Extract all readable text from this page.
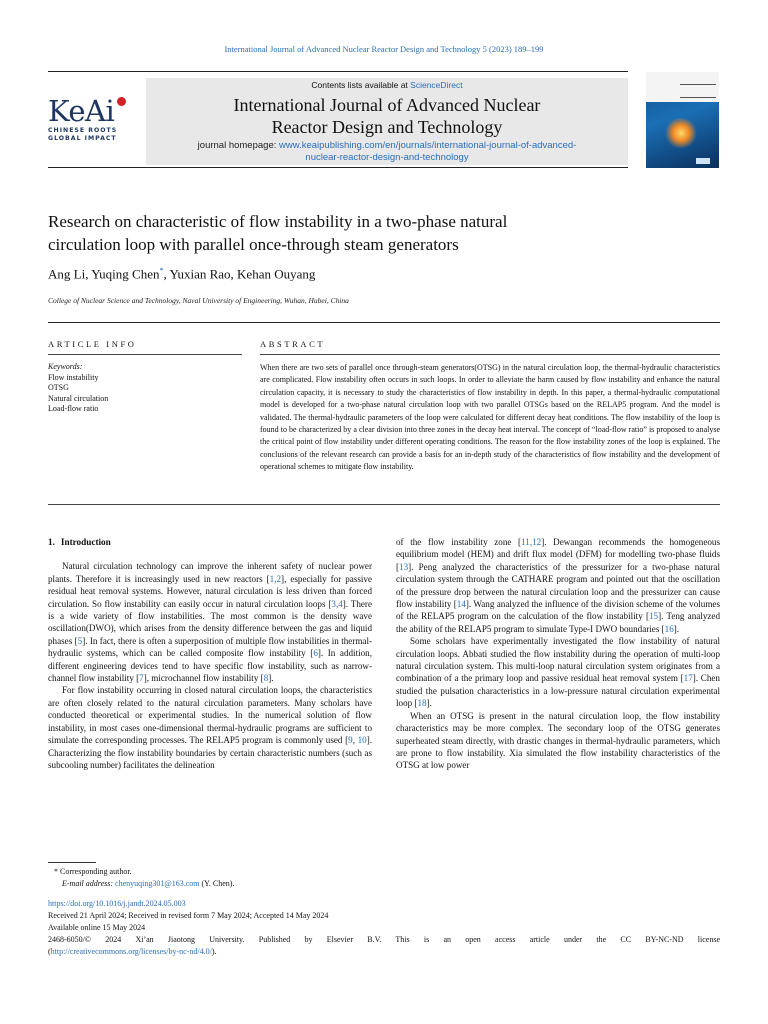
International Journal of Advanced Nuclear Reactor Design and Technology 5 (2023) 189–199
KeAi
CHINESE ROOTS
GLOBAL IMPACT
Contents lists available at ScienceDirect
International Journal of Advanced Nuclear
Reactor Design and Technology
journal homepage: www.keaipublishing.com/en/journals/international-journal-of-advanced-
nuclear-reactor-design-and-technology
Research on characteristic of flow instability in a two-phase natural
circulation loop with parallel once-through steam generators
Ang Li, Yuqing Chen*, Yuxian Rao, Kehan Ouyang
College of Nuclear Science and Technology, Naval University of Engineering, Wuhan, Hubei, China
ARTICLE INFO
Keywords:
Flow instability
OTSG
Natural circulation
Load-flow ratio
ABSTRACT
When there are two sets of parallel once through-steam generators(OTSG) in the natural circulation loop, the thermal-hydraulic characteristics are complicated. Flow instability often occurs in such loops. In order to alleviate the harm caused by flow instability and enhance the natural circulation capacity, it is necessary to study the characteristics of flow instability in depth. In this paper, a thermal-hydraulic computational model is developed for a two-phase natural circulation loop with two parallel OTSGs based on the RELAP5 program. And the model is validated. The thermal-hydraulic parameters of the loop were calculated for different decay heat conditions. The flow instability of the loop is found to be characterized by a clear division into three zones in the decay heat interval. The concept of “load-flow ratio” is proposed to analyse the critical point of flow instability under different operating conditions. The reason for the flow instability zones of the loop is explained. The conclusions of the relevant research can provide a basis for an in-depth study of the characteristics of flow instability and the development of operational schemes to mitigate flow instability.
1. Introduction

Natural circulation technology can improve the inherent safety of nuclear power plants. Therefore it is increasingly used in new reactors [1,2], especially for passive residual heat removal systems. However, natural circulation is less driven than forced circulation. So flow instability can easily occur in natural circulation loops [3,4]. There is a wide variety of flow instabilities. The most common is the density wave oscillation(DWO), which arises from the density difference between the gas and liquid phases [5]. In fact, there is often a superposition of multiple flow instabilities in thermal-hydraulic systems, which can be called composite flow instability [6]. In addition, different engineering devices tend to have specific flow instability, such as narrow-channel flow instability [7], microchannel flow instability [8].

For flow instability occurring in closed natural circulation loops, the characteristics are often closely related to the natural circulation parameters. Many scholars have conducted theoretical or experimental studies. In the numerical solution of flow instability, in most cases one-dimensional thermal-hydraulic programs are sufficient to simulate the corresponding processes. The RELAP5 program is commonly used [9, 10]. Characterizing the flow instability boundaries by certain characteristic numbers (such as subcooling number) facilitates the delineation

of the flow instability zone [11,12]. Dewangan recommends the homogeneous equilibrium model (HEM) and drift flux model (DFM) for modelling two-phase fluids [13]. Peng analyzed the characteristics of the pressurizer for a two-phase natural circulation system through the CATHARE program and pointed out that the oscillation of the pressure drop between the natural circulation loop and the pressurizer can cause flow instability [14]. Wang analyzed the influence of the division scheme of the volumes of the RELAP5 program on the calculation of the flow instability [15]. Teng analyzed the ability of the RELAP5 program to simulate Type-I DWO boundaries [16].

Some scholars have experimentally investigated the flow instability of natural circulation loops. Abbati studied the flow instability during the operation of multi-loop natural circulation system. This multi-loop natural circulation system originates from a combination of a the primary loop and passive residual heat removal system [17]. Chen studied the pulsation characteristics in a low-pressure natural circulation experimental loop [18].

When an OTSG is present in the natural circulation loop, the flow instability characteristics may be more complex. The secondary loop of the OTSG generates superheated steam directly, with drastic changes in thermal-hydraulic parameters, which are prone to flow instability. Xia simulated the flow instability characteristics of the OTSG at low power

* Corresponding author.
E-mail address: chenyuqing301@163.com (Y. Chen).
https://doi.org/10.1016/j.jandt.2024.05.003
Received 21 April 2024; Received in revised form 7 May 2024; Accepted 14 May 2024
Available online 15 May 2024
2468-6050/© 2024 Xi’an Jiaotong University. Published by Elsevier B.V. This is an open access article under the CC BY-NC-ND license
(http://creativecommons.org/licenses/by-nc-nd/4.0/).
